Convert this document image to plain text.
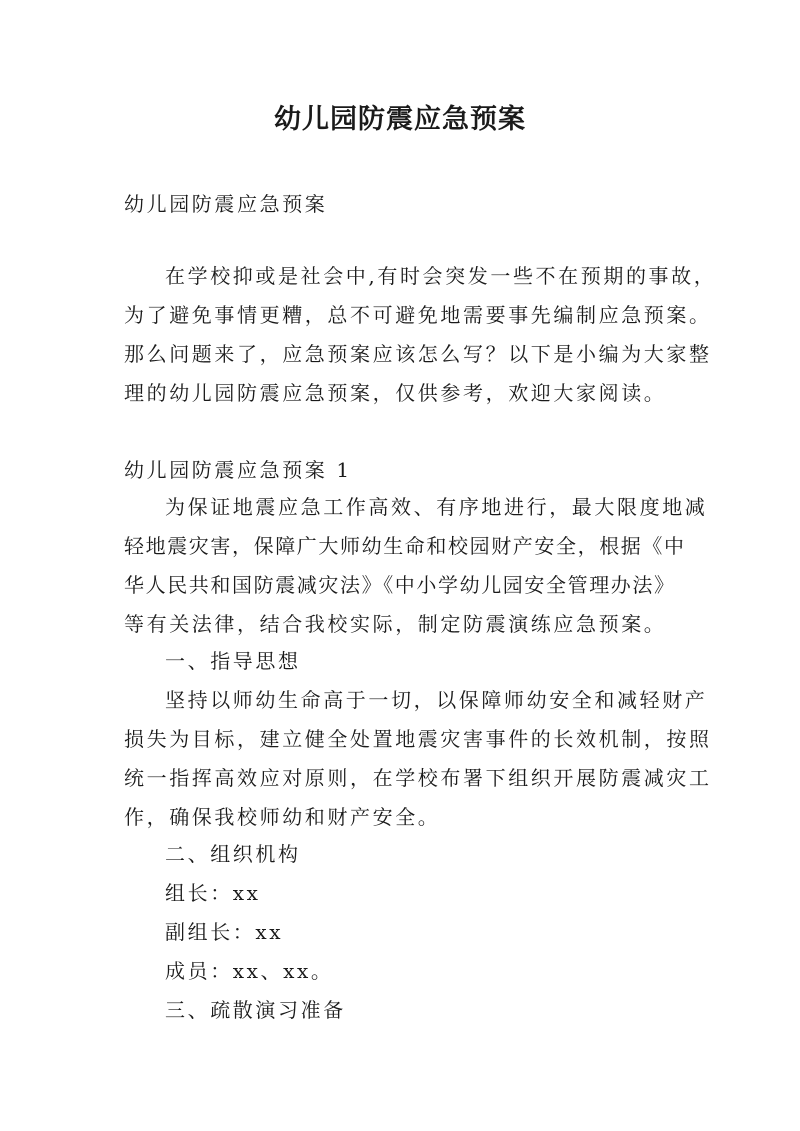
幼儿园防震应急预案
幼儿园防震应急预案
在学校抑或是社会中,有时会突发一些不在预期的事故，
为了避免事情更糟，总不可避免地需要事先编制应急预案。
那么问题来了，应急预案应该怎么写？以下是小编为大家整
理的幼儿园防震应急预案，仅供参考，欢迎大家阅读。
幼儿园防震应急预案 1
为保证地震应急工作高效、有序地进行，最大限度地减
轻地震灾害，保障广大师幼生命和校园财产安全，根据《中
华人民共和国防震减灾法》《中小学幼儿园安全管理办法》
等有关法律，结合我校实际，制定防震演练应急预案。
一、指导思想
坚持以师幼生命高于一切，以保障师幼安全和减轻财产
损失为目标，建立健全处置地震灾害事件的长效机制，按照
统一指挥高效应对原则，在学校布署下组织开展防震减灾工
作，确保我校师幼和财产安全。
二、组织机构
组长：xx
副组长：xx
成员：xx、xx。
三、疏散演习准备
